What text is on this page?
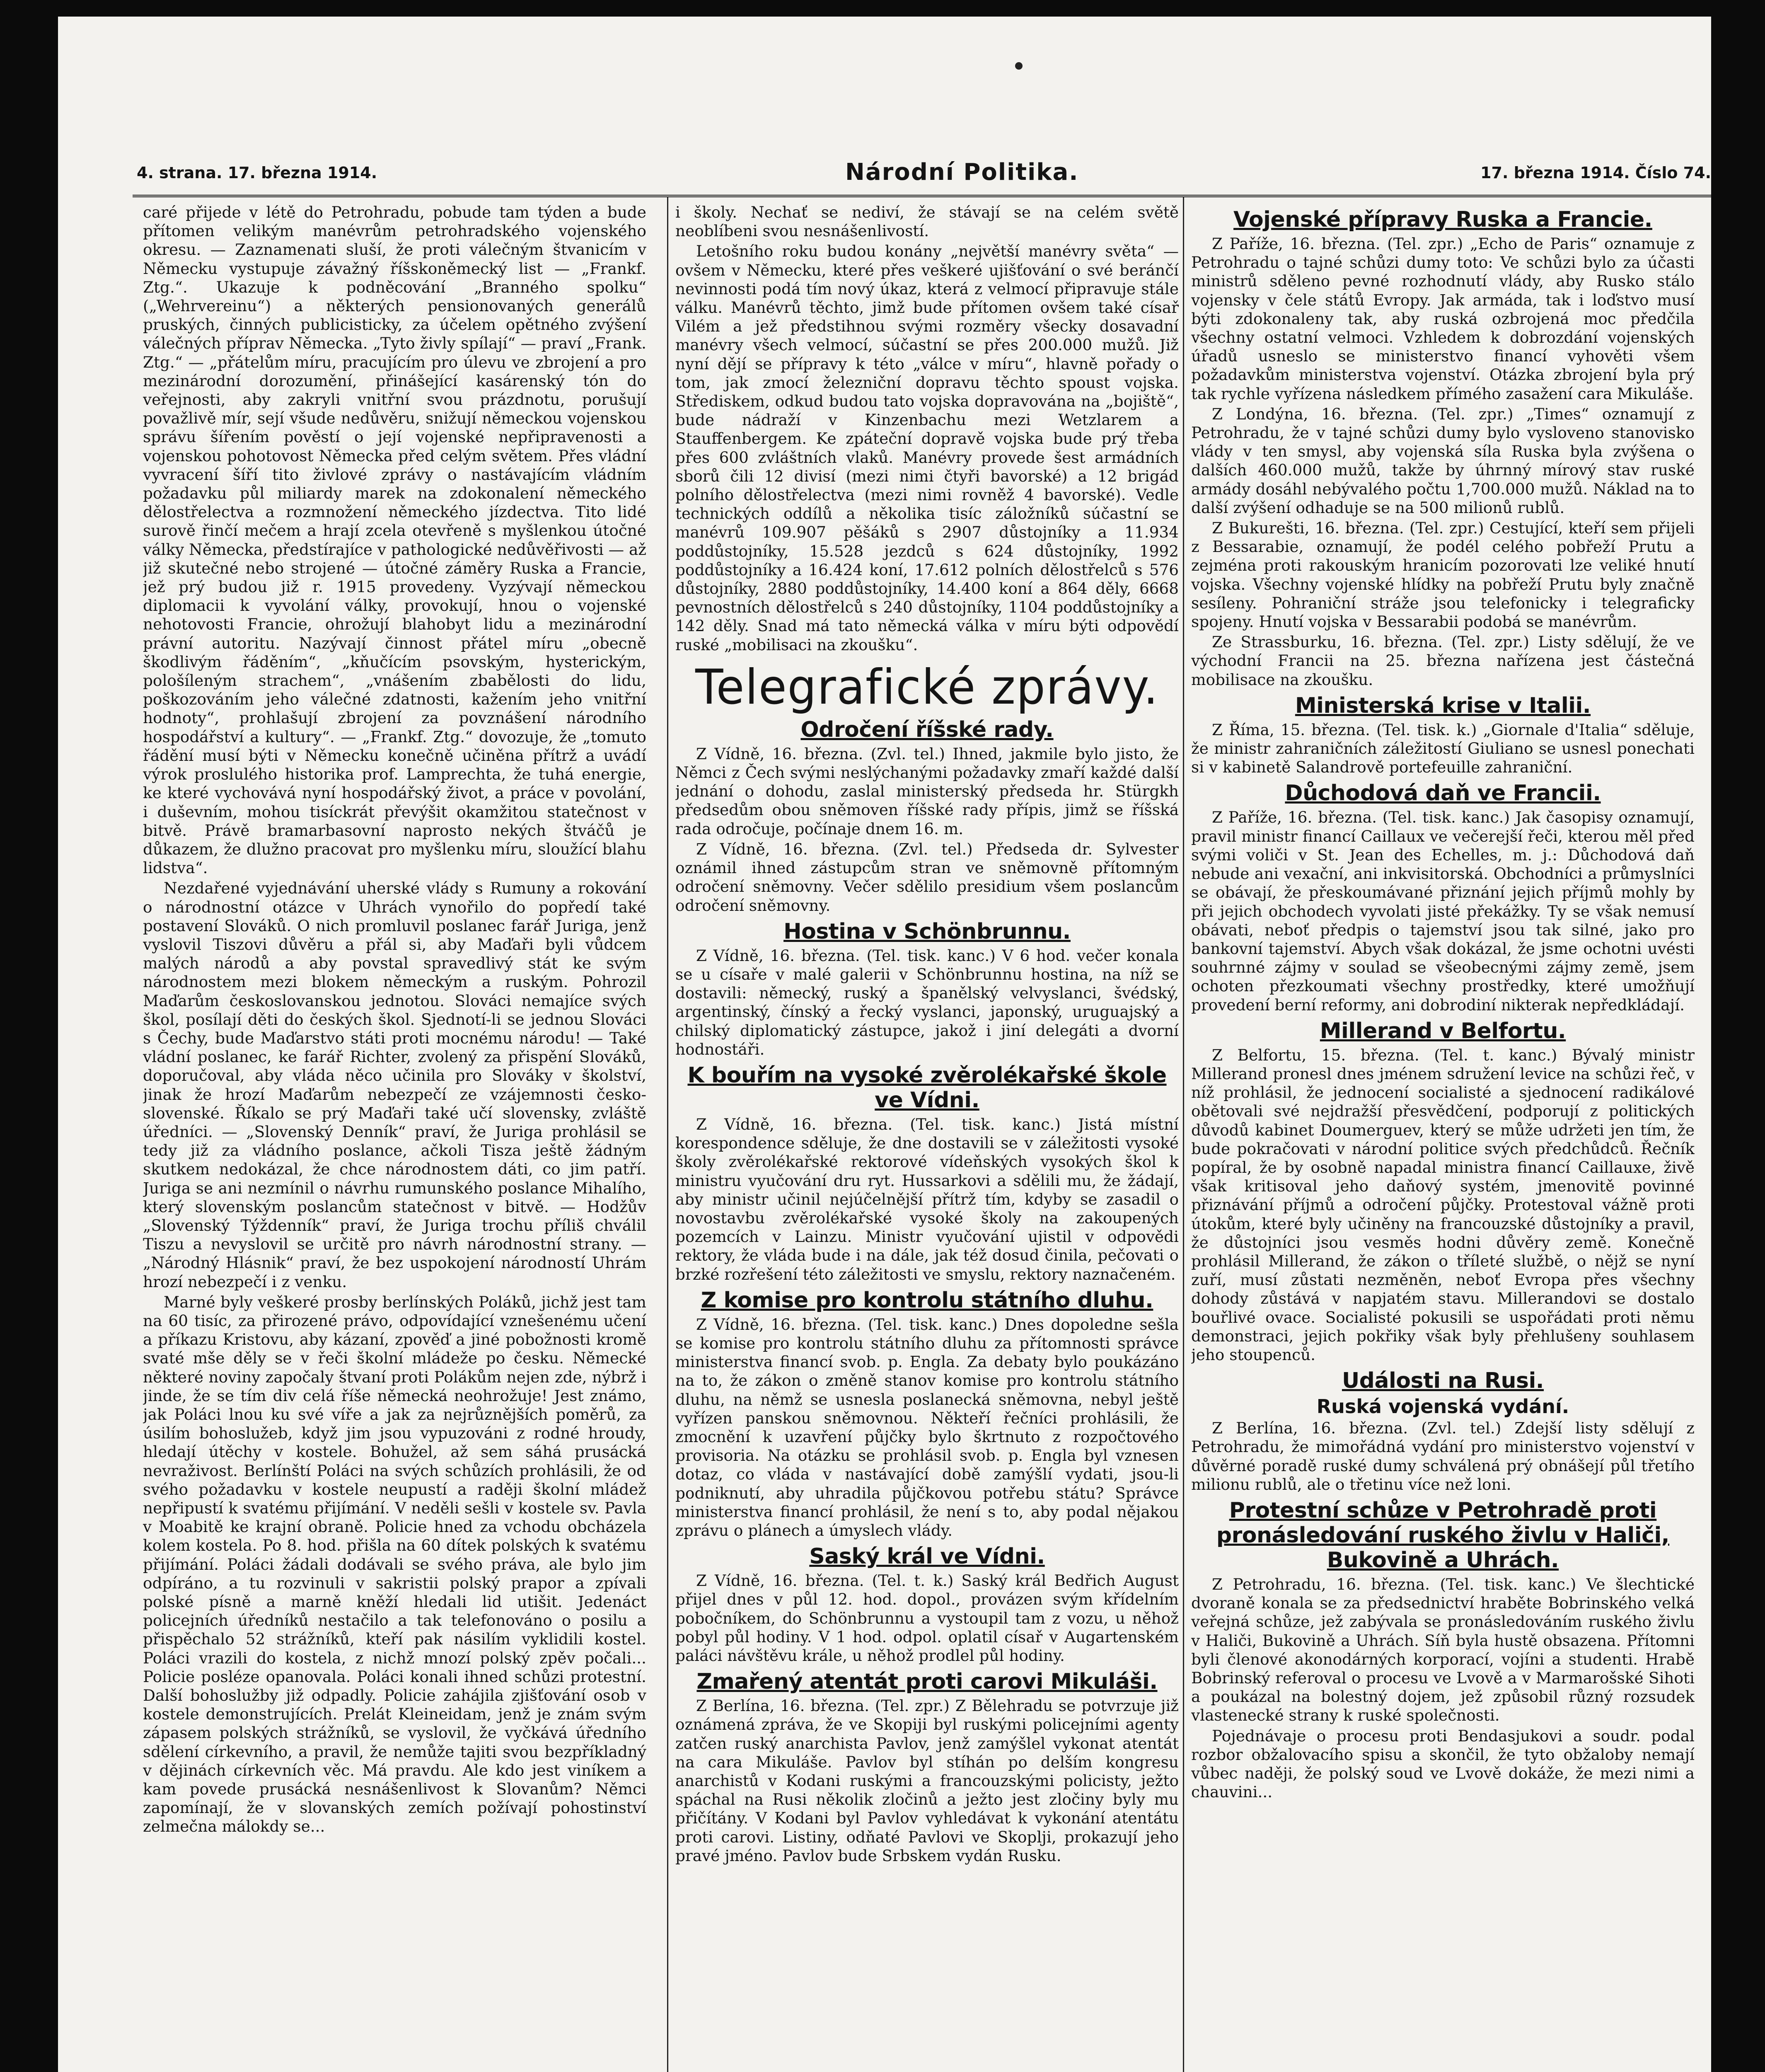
4. strana. 17. března 1914.	Národní Politika.	17. března 1914. Číslo 74.

caré přijede v létě do Petrohradu, pobude tam týden a bude přítomen velikým manévrům petrohradského vojenského okresu. — Zaznamenati sluší, že proti válečným štvanicím v Německu vystupuje závažný říšskoněmecký list — „Frankf. Ztg.“. Ukazuje k podněcování „Branného spolku“ („Wehrvereinu“) a některých pensionovaných generálů pruských, činných publicisticky, za účelem opětného zvýšení válečných příprav Německa. „Tyto živly spílají“ — praví „Frank. Ztg.“ — „přátelům míru, pracujícím pro úlevu ve zbrojení a pro mezinárodní dorozumění, přinášející kasárenský tón do veřejnosti, aby zakryli vnitřní svou prázdnotu, porušují považlivě mír, sejí všude nedůvěru, snižují německou vojenskou správu šířením pověstí o její vojenské nepřipravenosti a vojenskou pohotovost Německa před celým světem. Přes vládní vyvracení šíří tito živlové zprávy o nastávajícím vládním požadavku půl miliardy marek na zdokonalení německého dělostřelectva a rozmnožení německého jízdectva. Tito lidé surově řinčí mečem a hrají zcela otevřeně s myšlenkou útočné války Německa, předstírajíce v pathologické nedůvěřivosti — až již skutečné nebo strojené — útočné záměry Ruska a Francie, jež prý budou již r. 1915 provedeny. Vyzývají německou diplomacii k vyvolání války, provokují, hnou o vojenské nehotovosti Francie, ohrožují blahobyt lidu a mezinárodní právní autoritu. Nazývají činnost přátel míru „obecně škodlivým řáděním“, „kňučícím psovským, hysterickým, pološíleným strachem“, „vnášením zbabělosti do lidu, poškozováním jeho válečné zdatnosti, kažením jeho vnitřní hodnoty“, prohlašují zbrojení za povznášení národního hospodářství a kultury“. — „Frankf. Ztg.“ dovozuje, že „tomuto řádění musí býti v Německu konečně učiněna přítrž a uvádí výrok proslulého historika prof. Lamprechta, že tuhá energie, ke které vychovává nyní hospodářský život, a práce v povolání, i duševním, mohou tisíckrát převýšit okamžitou statečnost v bitvě. Právě bramarbasovní naprosto nekých štváčů je důkazem, že dlužno pracovat pro myšlenku míru, sloužící blahu lidstva“.

Nezdařené vyjednávání uherské vlády s Rumuny a rokování o národnostní otázce v Uhrách vynořilo do popředí také postavení Slováků. O nich promluvil poslanec farář Juriga, jenž vyslovil Tiszovi důvěru a přál si, aby Maďaři byli vůdcem malých národů a aby povstal spravedlivý stát ke svým národnostem mezi blokem německým a ruským. Pohrozil Maďarům českoslovanskou jednotou. Slováci nemajíce svých škol, posílají děti do českých škol. Sjednotí-li se jednou Slováci s Čechy, bude Maďarstvo státi proti mocnému národu! — Také vládní poslanec, ke farář Richter, zvolený za přispění Slováků, doporučoval, aby vláda něco učinila pro Slováky v školství, jinak že hrozí Maďarům nebezpečí ze vzájemnosti česko-slovenské. Říkalo se prý Maďaři také učí slovensky, zvláště úředníci. — „Slovenský Denník“ praví, že Juriga prohlásil se tedy již za vládního poslance, ačkoli Tisza ještě žádným skutkem nedokázal, že chce národnostem dáti, co jim patří. Juriga se ani nezmínil o návrhu rumunského poslance Mihalího, který slovenským poslancům statečnost v bitvě. — Hodžův „Slovenský Týždenník“ praví, že Juriga trochu příliš chválil Tiszu a nevyslovil se určitě pro návrh národnostní strany. — „Národný Hlásnik“ praví, že bez uspokojení národností Uhrám hrozí nebezpečí i z venku.

Marné byly veškeré prosby berlínských Poláků, jichž jest tam na 60 tisíc, za přirozené právo, odpovídající vznešenému učení a příkazu Kristovu, aby kázaní, zpověď a jiné pobožnosti kromě svaté mše děly se v řeči školní mládeže po česku. Německé některé noviny započaly štvaní proti Polákům nejen zde, nýbrž i jinde, že se tím div celá říše německá neohrožuje! Jest známo, jak Poláci lnou ku své víře a jak za nejrůznějších poměrů, za úsilím bohoslužeb, když jim jsou vypuzováni z rodné hroudy, hledají útěchy v kostele. Bohužel, až sem sáhá prusácká nevraživost. Berlínští Poláci na svých schůzích prohlásili, že od svého požadavku v kostele neupustí a raději školní mládež nepřipustí k svatému přijímání. V neděli sešli v kostele sv. Pavla v Moabitě ke krajní obraně. Policie hned za vchodu obcházela kolem kostela. Po 8. hod. přišla na 60 dítek polských k svatému přijímání. Poláci žádali dodávali se svého práva, ale bylo jim odpíráno, a tu rozvinuli v sakristii polský prapor a zpívali polské písně a marně kněží hledali lid utišit. Jedenáct policejních úředníků nestačilo a tak telefonováno o posilu a přispěchalo 52 strážníků, kteří pak násilím vyklidili kostel. Poláci vrazili do kostela, z nichž mnozí polský zpěv počali... Policie posléze opanovala. Poláci konali ihned schůzi protestní. Další bohoslužby již odpadly. Policie zahájila zjišťování osob v kostele demonstrujících. Prelát Kleineidam, jenž je znám svým zápasem polských strážníků, se vyslovil, že vyčkává úředního sdělení církevního, a pravil, že nemůže tajiti svou bezpříkladný v dějinách církevních věc. Má pravdu. Ale kdo jest viníkem a kam povede prusácká nesnášenlivost k Slovanům? Němci zapomínají, že v slovanských zemích požívají pohostinství zelmečna málokdy se...

i školy. Nechať se nediví, že stávají se na celém světě neoblíbeni svou nesnášenlivostí.

Letošního roku budou konány „největší manévry světa“ — ovšem v Německu, které přes veškeré ujišťování o své beránčí nevinnosti podá tím nový úkaz, která z velmocí připravuje stále válku. Manévrů těchto, jimž bude přítomen ovšem také císař Vilém a jež předstihnou svými rozměry všecky dosavadní manévry všech velmocí, súčastní se přes 200.000 mužů. Již nyní dějí se přípravy k této „válce v míru“, hlavně pořady o tom, jak zmocí železniční dopravu těchto spoust vojska. Střediskem, odkud budou tato vojska dopravována na „bojiště“, bude nádraží v Kinzenbachu mezi Wetzlarem a Stauffenbergem. Ke zpáteční dopravě vojska bude prý třeba přes 600 zvláštních vlaků. Manévry provede šest armádních sborů čili 12 divisí (mezi nimi čtyři bavorské) a 12 brigád polního dělostřelectva (mezi nimi rovněž 4 bavorské). Vedle technických oddílů a několika tisíc záložníků súčastní se manévrů 109.907 pěšáků s 2907 důstojníky a 11.934 poddůstojníky, 15.528 jezdců s 624 důstojníky, 1992 poddůstojníky a 16.424 koní, 17.612 polních dělostřelců s 576 důstojníky, 2880 poddůstojníky, 14.400 koní a 864 děly, 6668 pevnostních dělostřelců s 240 důstojníky, 1104 poddůstojníky a 142 děly. Snad má tato německá válka v míru býti odpovědí ruské „mobilisaci na zkoušku“.

Telegrafické zprávy.
Odročení říšské rady.

Z Vídně, 16. března. (Zvl. tel.) Ihned, jakmile bylo jisto, že Němci z Čech svými neslýchanými požadavky zmaří každé další jednání o dohodu, zaslal ministerský předseda hr. Stürgkh předsedům obou sněmoven říšské rady přípis, jimž se říšská rada odročuje, počínaje dnem 16. m.

Z Vídně, 16. března. (Zvl. tel.) Předseda dr. Sylvester oznámil ihned zástupcům stran ve sněmovně přítomným odročení sněmovny. Večer sdělilo presidium všem poslancům odročení sněmovny.

Hostina v Schönbrunnu.

Z Vídně, 16. března. (Tel. tisk. kanc.) V 6 hod. večer konala se u císaře v malé galerii v Schönbrunnu hostina, na níž se dostavili: německý, ruský a španělský velvyslanci, švédský, argentinský, čínský a řecký vyslanci, japonský, uruguajský a chilský diplomatický zástupce, jakož i jiní delegáti a dvorní hodnostáři.

K bouřím na vysoké zvěrolékařské škole ve Vídni.

Z Vídně, 16. března. (Tel. tisk. kanc.) Jistá místní korespondence sděluje, že dne dostavili se v záležitosti vysoké školy zvěrolékařské rektorové vídeňských vysokých škol k ministru vyučování dru ryt. Hussarkovi a sdělili mu, že žádají, aby ministr učinil nejúčelnější přítrž tím, kdyby se zasadil o novostavbu zvěrolékařské vysoké školy na zakoupených pozemcích v Lainzu. Ministr vyučování ujistil v odpovědi rektory, že vláda bude i na dále, jak též dosud činila, pečovati o brzké rozřešení této záležitosti ve smyslu, rektory naznačeném.

Z komise pro kontrolu státního dluhu.

Z Vídně, 16. března. (Tel. tisk. kanc.) Dnes dopoledne sešla se komise pro kontrolu státního dluhu za přítomnosti správce ministerstva financí svob. p. Engla. Za debaty bylo poukázáno na to, že zákon o změně stanov komise pro kontrolu státního dluhu, na němž se usnesla poslanecká sněmovna, nebyl ještě vyřízen panskou sněmovnou. Někteří řečníci prohlásili, že zmocnění k uzavření půjčky bylo škrtnuto z rozpočtového provisoria. Na otázku se prohlásil svob. p. Engla byl vznesen dotaz, co vláda v nastávající době zamýšlí vydati, jsou-li podniknutí, aby uhradila půjčkovou potřebu státu? Správce ministerstva financí prohlásil, že není s to, aby podal nějakou zprávu o plánech a úmyslech vlády.

Saský král ve Vídni.

Z Vídně, 16. března. (Tel. t. k.) Saský král Bedřich August přijel dnes v půl 12. hod. dopol., provázen svým křídelním pobočníkem, do Schönbrunnu a vystoupil tam z vozu, u něhož pobyl půl hodiny. V 1 hod. odpol. oplatil císař v Augartenském paláci návštěvu krále, u něhož prodlel půl hodiny.

Zmařený atentát proti carovi Mikuláši.

Z Berlína, 16. března. (Tel. zpr.) Z Bělehradu se potvrzuje již oznámená zpráva, že ve Skopiji byl ruskými policejními agenty zatčen ruský anarchista Pavlov, jenž zamýšlel vykonat atentát na cara Mikuláše. Pavlov byl stíhán po delším kongresu anarchistů v Kodani ruskými a francouzskými policisty, ježto spáchal na Rusi několik zločinů a ježto jest zločiny byly mu přičítány. V Kodani byl Pavlov vyhledávat k vykonání atentátu proti carovi. Listiny, odňaté Pavlovi ve Skoplji, prokazují jeho pravé jméno. Pavlov bude Srbskem vydán Rusku.

Vojenské přípravy Ruska a Francie.

Z Paříže, 16. března. (Tel. zpr.) „Echo de Paris“ oznamuje z Petrohradu o tajné schůzi dumy toto: Ve schůzi bylo za účasti ministrů sděleno pevné rozhodnutí vlády, aby Rusko stálo vojensky v čele států Evropy. Jak armáda, tak i loďstvo musí býti zdokonaleny tak, aby ruská ozbrojená moc předčila všechny ostatní velmoci. Vzhledem k dobrozdání vojenských úřadů usneslo se ministerstvo financí vyhověti všem požadavkům ministerstva vojenství. Otázka zbrojení byla prý tak rychle vyřízena následkem přímého zasažení cara Mikuláše.

Z Londýna, 16. března. (Tel. zpr.) „Times“ oznamují z Petrohradu, že v tajné schůzi dumy bylo vysloveno stanovisko vlády v ten smysl, aby vojenská síla Ruska byla zvýšena o dalších 460.000 mužů, takže by úhrnný mírový stav ruské armády dosáhl nebývalého počtu 1,700.000 mužů. Náklad na to další zvýšení odhaduje se na 500 milionů rublů.

Z Bukurešti, 16. března. (Tel. zpr.) Cestující, kteří sem přijeli z Bessarabie, oznamují, že podél celého pobřeží Prutu a zejména proti rakouským hranicím pozorovati lze veliké hnutí vojska. Všechny vojenské hlídky na pobřeží Prutu byly značně sesíleny. Pohraniční stráže jsou telefonicky i telegraficky spojeny. Hnutí vojska v Bessarabii podobá se manévrům.

Ze Strassburku, 16. března. (Tel. zpr.) Listy sdělují, že ve východní Francii na 25. března nařízena jest částečná mobilisace na zkoušku.

Ministerská krise v Italii.

Z Říma, 15. března. (Tel. tisk. k.) „Giornale d'Italia“ sděluje, že ministr zahraničních záležitostí Giuliano se usnesl ponechati si v kabinetě Salandrově portefeuille zahraniční.

Důchodová daň ve Francii.

Z Paříže, 16. března. (Tel. tisk. kanc.) Jak časopisy oznamují, pravil ministr financí Caillaux ve večerejší řeči, kterou měl před svými voliči v St. Jean des Echelles, m. j.: Důchodová daň nebude ani vexační, ani inkvisitorská. Obchodníci a průmyslníci se obávají, že přeskoumávané přiznání jejich příjmů mohly by při jejich obchodech vyvolati jisté překážky. Ty se však nemusí obávati, neboť předpis o tajemství jsou tak silné, jako pro bankovní tajemství. Abych však dokázal, že jsme ochotni uvésti souhrnné zájmy v soulad se všeobecnými zájmy země, jsem ochoten přezkoumati všechny prostředky, které umožňují provedení berní reformy, ani dobrodiní nikterak nepředkládají.

Millerand v Belfortu.

Z Belfortu, 15. března. (Tel. t. kanc.) Bývalý ministr Millerand pronesl dnes jménem sdružení levice na schůzi řeč, v níž prohlásil, že jednocení socialisté a sjednocení radikálové obětovali své nejdražší přesvědčení, podporují z politických důvodů kabinet Doumerguev, který se může udržeti jen tím, že bude pokračovati v národní politice svých předchůdců. Řečník popíral, že by osobně napadal ministra financí Caillauxe, živě však kritisoval jeho daňový systém, jmenovitě povinné přiznávání příjmů a odročení půjčky. Protestoval vážně proti útokům, které byly učiněny na francouzské důstojníky a pravil, že důstojníci jsou vesměs hodni důvěry země. Konečně prohlásil Millerand, že zákon o tříleté službě, o nějž se nyní zuří, musí zůstati nezměněn, neboť Evropa přes všechny dohody zůstává v napjatém stavu. Millerandovi se dostalo bouřlivé ovace. Socialisté pokusili se uspořádati proti němu demonstraci, jejich pokřiky však byly přehlušeny souhlasem jeho stoupenců.

Události na Rusi.
Ruská vojenská vydání.

Z Berlína, 16. března. (Zvl. tel.) Zdejší listy sdělují z Petrohradu, že mimořádná vydání pro ministerstvo vojenství v důvěrné poradě ruské dumy schválená prý obnášejí půl třetího milionu rublů, ale o třetinu více než loni.

Protestní schůze v Petrohradě proti pronásledování ruského živlu v Haliči, Bukovině a Uhrách.

Z Petrohradu, 16. března. (Tel. tisk. kanc.) Ve šlechtické dvoraně konala se za předsednictví hraběte Bobrinského velká veřejná schůze, jež zabývala se pronásledováním ruského živlu v Haliči, Bukovině a Uhrách. Síň byla hustě obsazena. Přítomni byli členové akonodárných korporací, vojíni a studenti. Hrabě Bobrinský referoval o procesu ve Lvově a v Marmarošské Sihoti a poukázal na bolestný dojem, jež způsobil různý rozsudek vlastenecké strany k ruské společnosti.

Pojednávaje o procesu proti Bendasjukovi a soudr. podal rozbor obžalovacího spisu a skončil, že tyto obžaloby nemají vůbec naději, že polský soud ve Lvově dokáže, že mezi nimi a chauvini...
